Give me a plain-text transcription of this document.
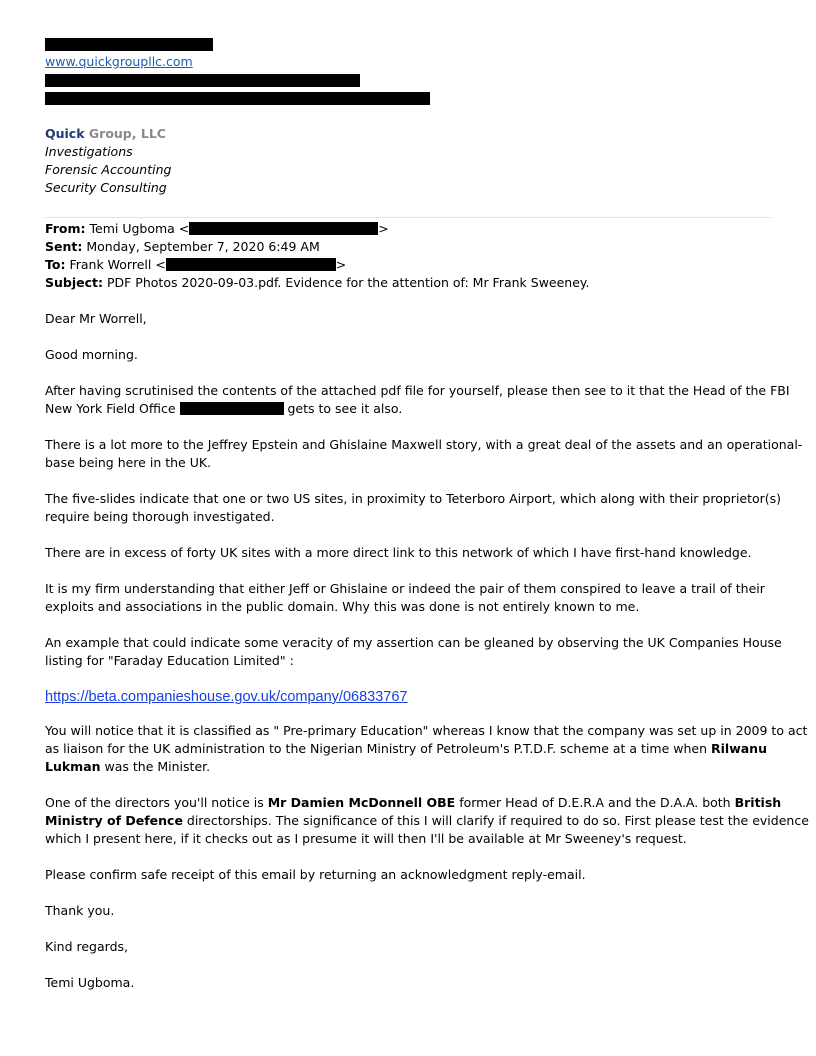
www.quickgroupllc.com
Quick Group, LLC
Investigations
Forensic Accounting
Security Consulting
From: Temi Ugboma <	>
Sent: Monday, September 7, 2020 6:49 AM
To: Frank Worrell <	>
Subject: PDF Photos 2020-09-03.pdf. Evidence for the attention of: Mr Frank Sweeney.
Dear Mr Worrell,
Good morning.
After having scrutinised the contents of the attached pdf file for yourself, please then see to it that the Head of the FBI
New York Field Office	gets to see it also.
There is a lot more to the Jeffrey Epstein and Ghislaine Maxwell story, with a great deal of the assets and an operational-
base being here in the UK.
The five-slides indicate that one or two US sites, in proximity to Teterboro Airport, which along with their proprietor(s)
require being thorough investigated.
There are in excess of forty UK sites with a more direct link to this network of which I have first-hand knowledge.
It is my firm understanding that either Jeff or Ghislaine or indeed the pair of them conspired to leave a trail of their
exploits and associations in the public domain. Why this was done is not entirely known to me.
An example that could indicate some veracity of my assertion can be gleaned by observing the UK Companies House
listing for "Faraday Education Limited" :
https://beta.companieshouse.gov.uk/company/06833767
You will notice that it is classified as " Pre-primary Education" whereas I know that the company was set up in 2009 to act
as liaison for the UK administration to the Nigerian Ministry of Petroleum's P.T.D.F. scheme at a time when Rilwanu
Lukman was the Minister.
One of the directors you'll notice is Mr Damien McDonnell OBE former Head of D.E.R.A and the D.A.A. both British
Ministry of Defence directorships. The significance of this I will clarify if required to do so. First please test the evidence
which I present here, if it checks out as I presume it will then I'll be available at Mr Sweeney's request.
Please confirm safe receipt of this email by returning an acknowledgment reply-email.
Thank you.
Kind regards,
Temi Ugboma.
